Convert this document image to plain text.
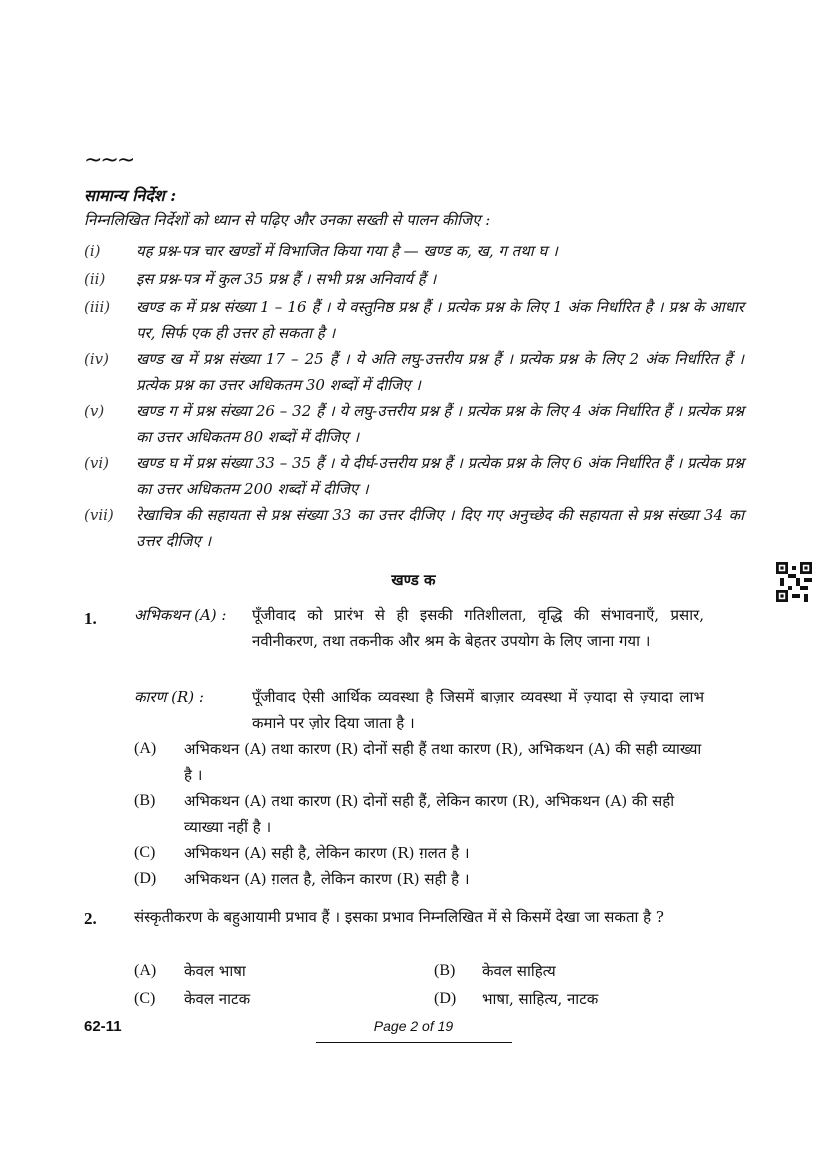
~~~
सामान्य निर्देश :
निम्नलिखित निर्देशों को ध्यान से पढ़िए और उनका सख्ती से पालन कीजिए :
(i) यह प्रश्न-पत्र चार खण्डों में विभाजित किया गया है — खण्ड क, ख, ग तथा घ ।
(ii) इस प्रश्न-पत्र में कुल 35 प्रश्न हैं । सभी प्रश्न अनिवार्य हैं ।
(iii) खण्ड क में प्रश्न संख्या 1 – 16 हैं । ये वस्तुनिष्ठ प्रश्न हैं । प्रत्येक प्रश्न के लिए 1 अंक निर्धारित है । प्रश्न के आधार पर, सिर्फ एक ही उत्तर हो सकता है ।
(iv) खण्ड ख में प्रश्न संख्या 17 – 25 हैं । ये अति लघु-उत्तरीय प्रश्न हैं । प्रत्येक प्रश्न के लिए 2 अंक निर्धारित हैं । प्रत्येक प्रश्न का उत्तर अधिकतम 30 शब्दों में दीजिए ।
(v) खण्ड ग में प्रश्न संख्या 26 – 32 हैं । ये लघु-उत्तरीय प्रश्न हैं । प्रत्येक प्रश्न के लिए 4 अंक निर्धारित हैं । प्रत्येक प्रश्न का उत्तर अधिकतम 80 शब्दों में दीजिए ।
(vi) खण्ड घ में प्रश्न संख्या 33 – 35 हैं । ये दीर्घ-उत्तरीय प्रश्न हैं । प्रत्येक प्रश्न के लिए 6 अंक निर्धारित हैं । प्रत्येक प्रश्न का उत्तर अधिकतम 200 शब्दों में दीजिए ।
(vii) रेखाचित्र की सहायता से प्रश्न संख्या 33 का उत्तर दीजिए । दिए गए अनुच्छेद की सहायता से प्रश्न संख्या 34 का उत्तर दीजिए ।
खण्ड क
1. अभिकथन (A) : पूँजीवाद को प्रारंभ से ही इसकी गतिशीलता, वृद्धि की संभावनाएँ, प्रसार, नवीनीकरण, तथा तकनीक और श्रम के बेहतर उपयोग के लिए जाना गया ।
कारण (R) :	पूँजीवाद ऐसी आर्थिक व्यवस्था है जिसमें बाज़ार व्यवस्था में ज़्यादा से ज़्यादा लाभ कमाने पर ज़ोर दिया जाता है ।
(A) अभिकथन (A) तथा कारण (R) दोनों सही हैं तथा कारण (R), अभिकथन (A) की सही व्याख्या है ।
(B) अभिकथन (A) तथा कारण (R) दोनों सही हैं, लेकिन कारण (R), अभिकथन (A) की सही व्याख्या नहीं है ।
(C) अभिकथन (A) सही है, लेकिन कारण (R) ग़लत है ।
(D) अभिकथन (A) ग़लत है, लेकिन कारण (R) सही है ।
2. संस्कृतीकरण के बहुआयामी प्रभाव हैं । इसका प्रभाव निम्नलिखित में से किसमें देखा जा सकता है ?
(A) केवल भाषा	(B) केवल साहित्य
(C) केवल नाटक	(D) भाषा, साहित्य, नाटक
62-11	Page 2 of 19
